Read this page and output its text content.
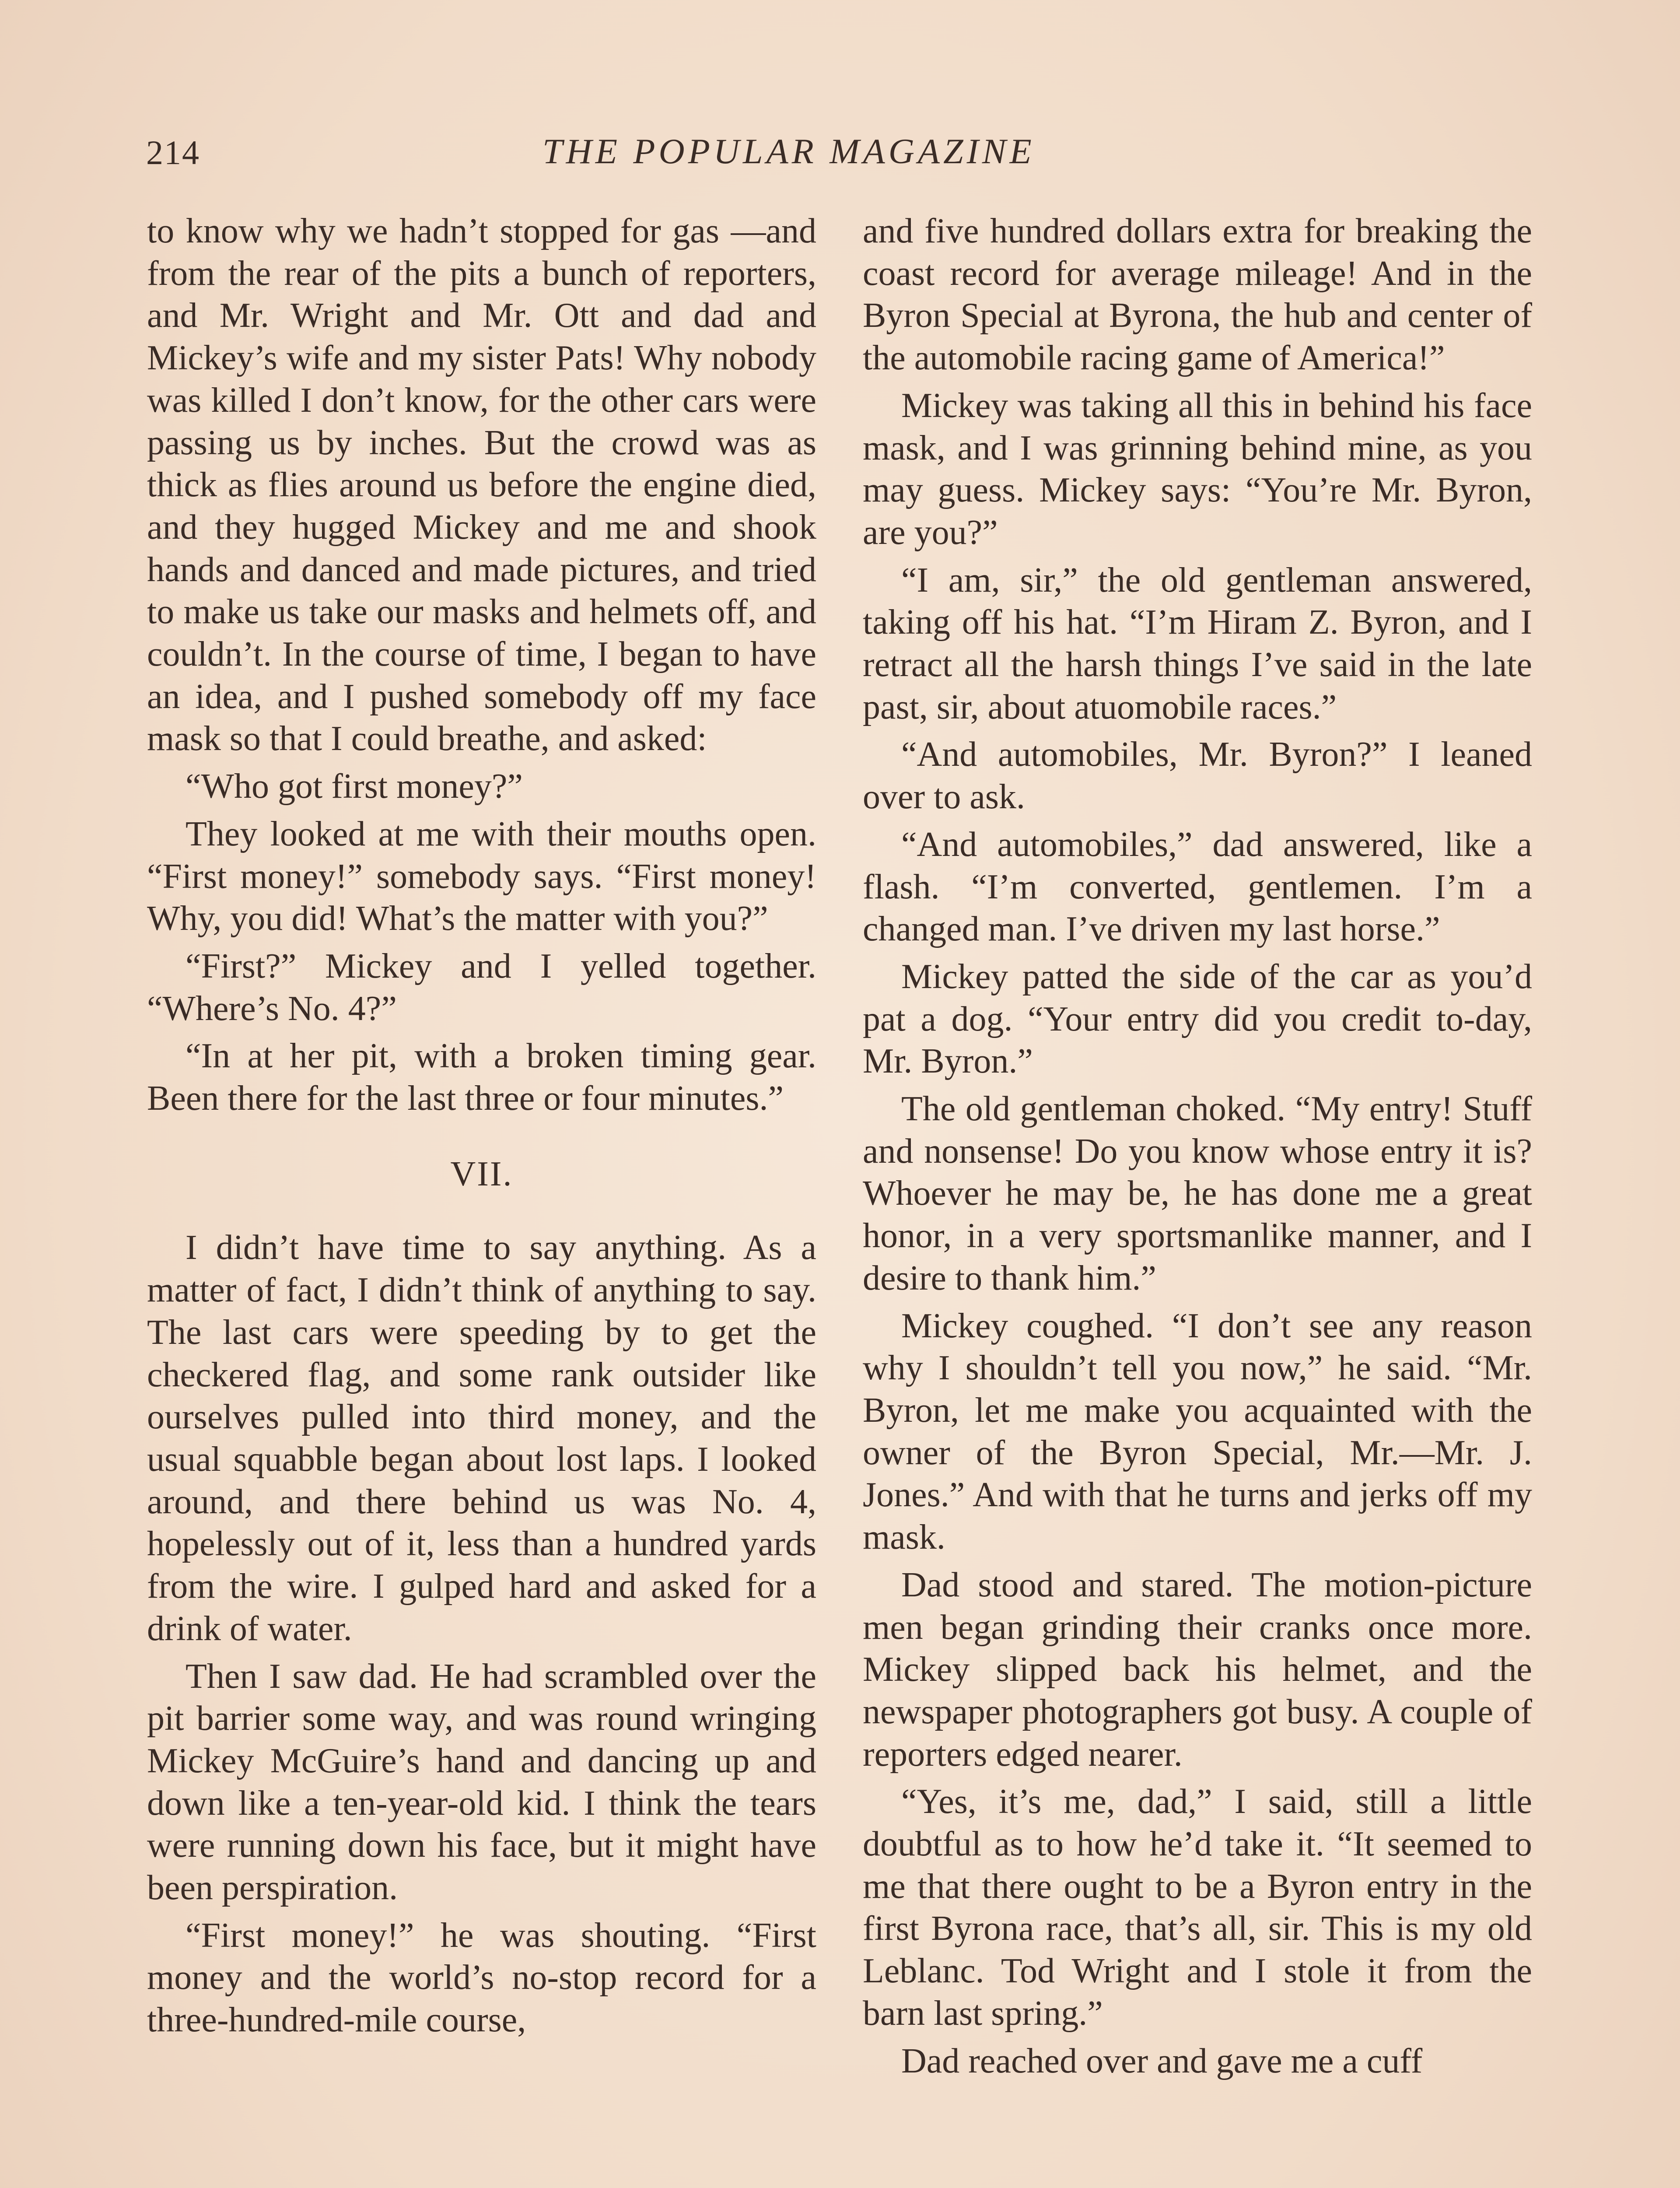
214	THE POPULAR MAGAZINE

to know why we hadn’t stopped for gas —and from the rear of the pits a bunch of reporters, and Mr. Wright and Mr. Ott and dad and Mickey’s wife and my sister Pats! Why nobody was killed I don’t know, for the other cars were passing us by inches. But the crowd was as thick as flies around us before the engine died, and they hugged Mickey and me and shook hands and danced and made pictures, and tried to make us take our masks and helmets off, and couldn’t. In the course of time, I began to have an idea, and I pushed somebody off my face mask so that I could breathe, and asked:

“Who got first money?”

They looked at me with their mouths open. “First money!” somebody says. “First money! Why, you did! What’s the matter with you?”

“First?” Mickey and I yelled together. “Where’s No. 4?”

“In at her pit, with a broken timing gear. Been there for the last three or four minutes.”

VII.

I didn’t have time to say anything. As a matter of fact, I didn’t think of anything to say. The last cars were speeding by to get the checkered flag, and some rank outsider like ourselves pulled into third money, and the usual squabble began about lost laps. I looked around, and there behind us was No. 4, hopelessly out of it, less than a hundred yards from the wire. I gulped hard and asked for a drink of water.

Then I saw dad. He had scrambled over the pit barrier some way, and was round wringing Mickey McGuire’s hand and dancing up and down like a ten-year-old kid. I think the tears were running down his face, but it might have been perspiration.

“First money!” he was shouting. “First money and the world’s no-stop record for a three-hundred-mile course,

and five hundred dollars extra for breaking the coast record for average mileage! And in the Byron Special at Byrona, the hub and center of the automobile racing game of America!”

Mickey was taking all this in behind his face mask, and I was grinning behind mine, as you may guess. Mickey says: “You’re Mr. Byron, are you?”

“I am, sir,” the old gentleman answered, taking off his hat. “I’m Hiram Z. Byron, and I retract all the harsh things I’ve said in the late past, sir, about atuomobile races.”

“And automobiles, Mr. Byron?” I leaned over to ask.

“And automobiles,” dad answered, like a flash. “I’m converted, gentlemen. I’m a changed man. I’ve driven my last horse.”

Mickey patted the side of the car as you’d pat a dog. “Your entry did you credit to-day, Mr. Byron.”

The old gentleman choked. “My entry! Stuff and nonsense! Do you know whose entry it is? Whoever he may be, he has done me a great honor, in a very sportsmanlike manner, and I desire to thank him.”

Mickey coughed. “I don’t see any reason why I shouldn’t tell you now,” he said. “Mr. Byron, let me make you acquainted with the owner of the Byron Special, Mr.—Mr. J. Jones.” And with that he turns and jerks off my mask.

Dad stood and stared. The motion-picture men began grinding their cranks once more. Mickey slipped back his helmet, and the newspaper photographers got busy. A couple of reporters edged nearer.

“Yes, it’s me, dad,” I said, still a little doubtful as to how he’d take it. “It seemed to me that there ought to be a Byron entry in the first Byrona race, that’s all, sir. This is my old Leblanc. Tod Wright and I stole it from the barn last spring.”

Dad reached over and gave me a cuff
